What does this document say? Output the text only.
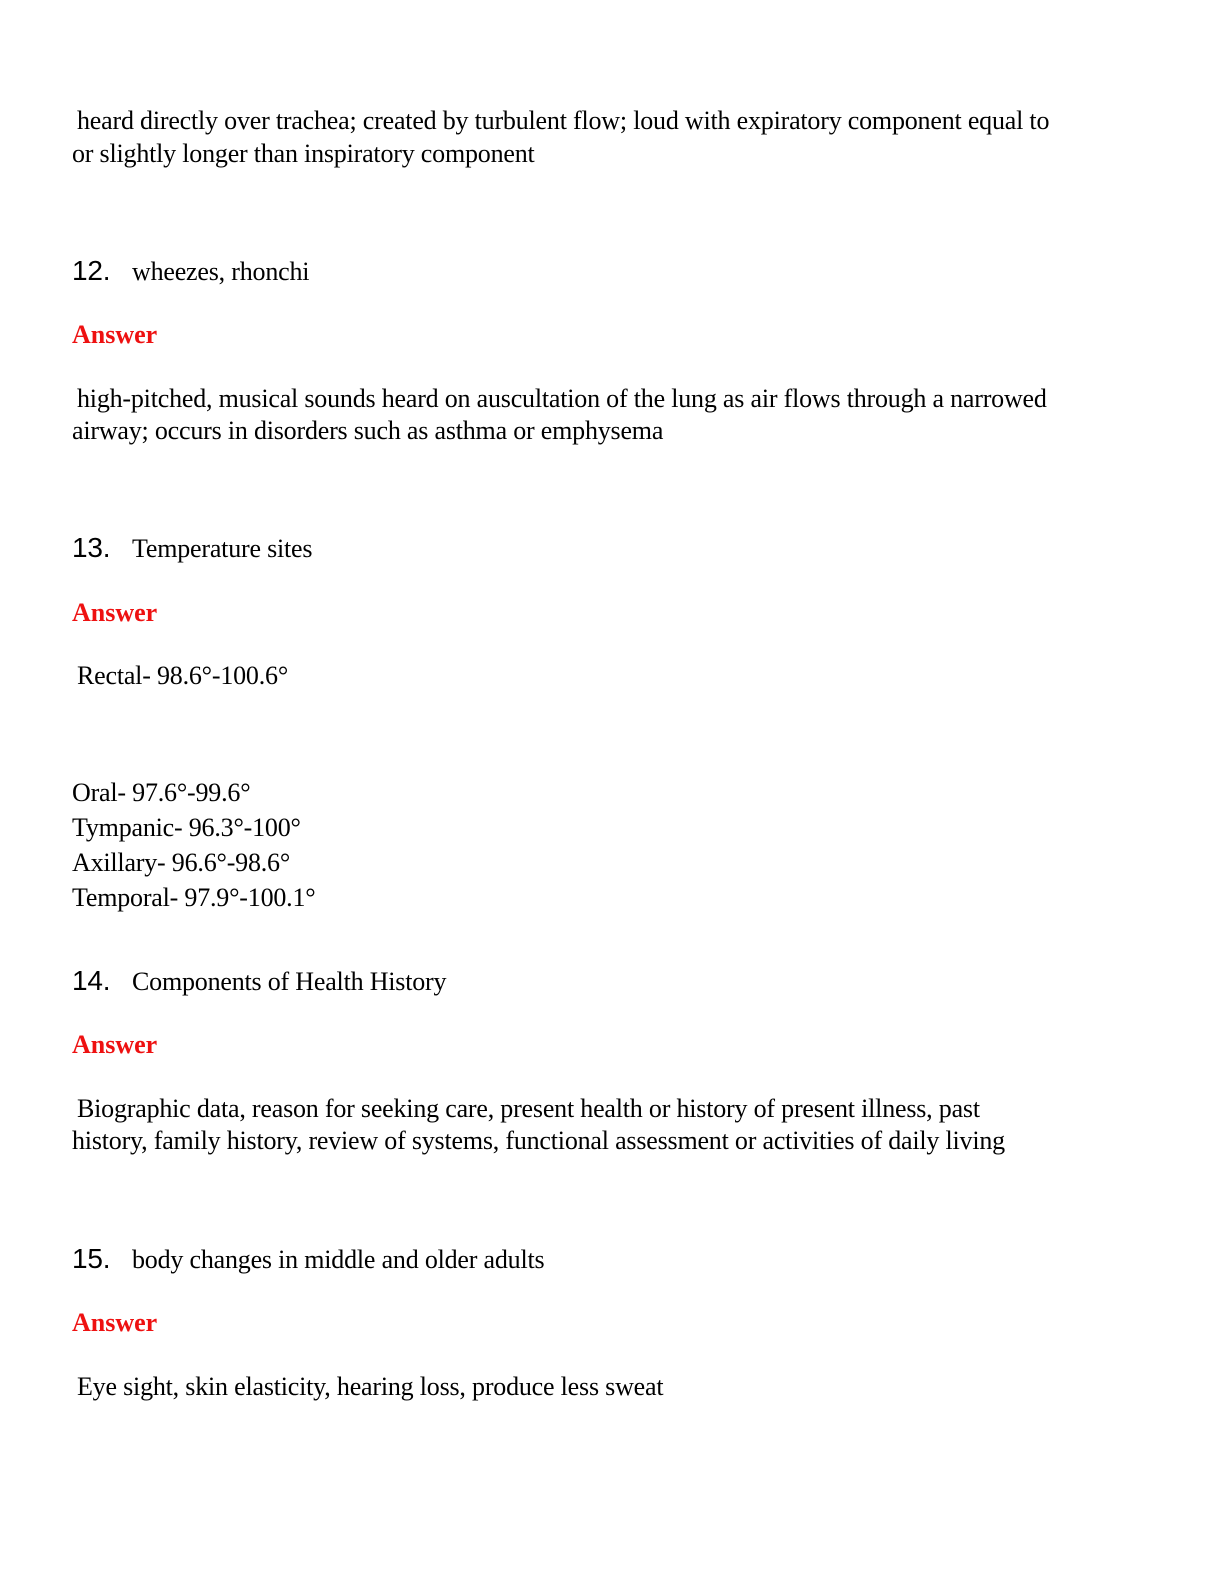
heard directly over trachea; created by turbulent flow; loud with expiratory component equal to
or slightly longer than inspiratory component
12. wheezes, rhonchi
Answer
high-pitched, musical sounds heard on auscultation of the lung as air flows through a narrowed
airway; occurs in disorders such as asthma or emphysema
13. Temperature sites
Answer
Rectal- 98.6°-100.6°
Oral- 97.6°-99.6°
Tympanic- 96.3°-100°
Axillary- 96.6°-98.6°
Temporal- 97.9°-100.1°
14. Components of Health History
Answer
Biographic data, reason for seeking care, present health or history of present illness, past
history, family history, review of systems, functional assessment or activities of daily living
15. body changes in middle and older adults
Answer
Eye sight, skin elasticity, hearing loss, produce less sweat
